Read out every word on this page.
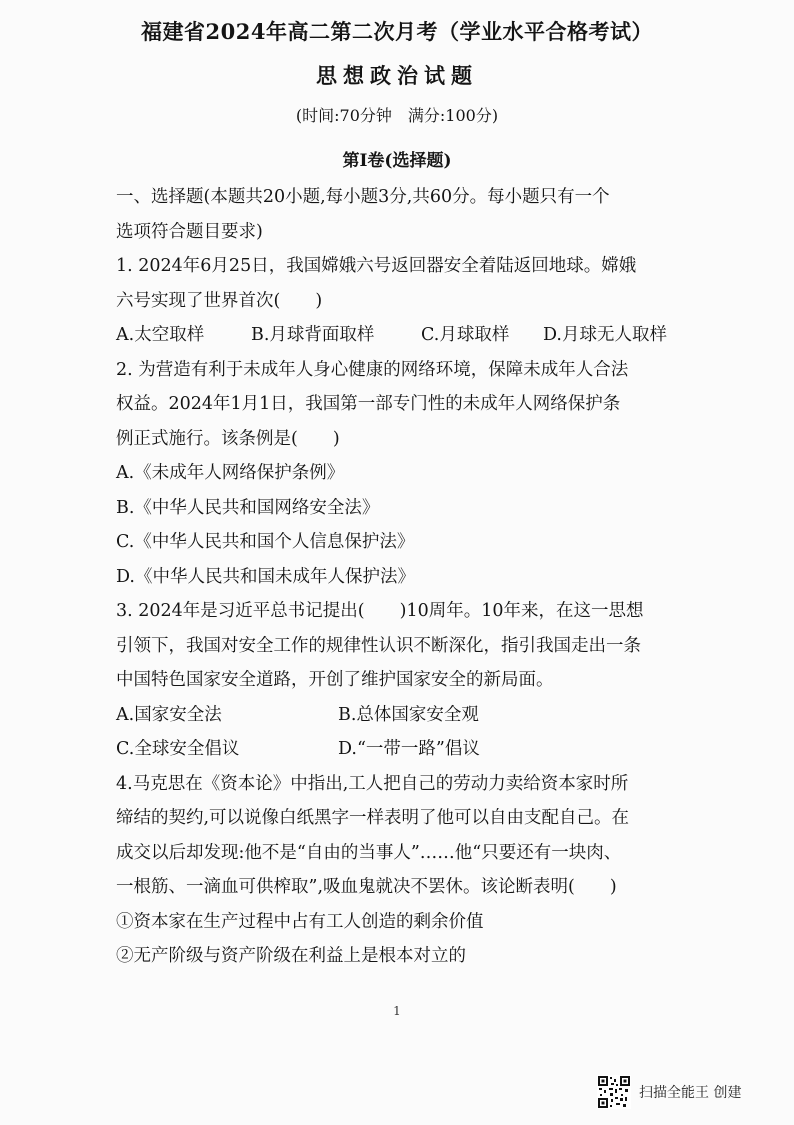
福建省2024年高二第二次月考（学业水平合格考试）
思想政治试题
(时间:70分钟　满分:100分)
第Ⅰ卷(选择题)
一、选择题(本题共20小题,每小题3分,共60分。每小题只有一个
选项符合题目要求)
1. 2024年6月25日，我国嫦娥六号返回器安全着陆返回地球。嫦娥
六号实现了世界首次(　　)
A.太空取样	B.月球背面取样	C.月球取样	D.月球无人取样
2. 为营造有利于未成年人身心健康的网络环境，保障未成年人合法
权益。2024年1月1日，我国第一部专门性的未成年人网络保护条
例正式施行。该条例是(　　)
A.《未成年人网络保护条例》
B.《中华人民共和国网络安全法》
C.《中华人民共和国个人信息保护法》
D.《中华人民共和国未成年人保护法》
3. 2024年是习近平总书记提出(　　)10周年。10年来，在这一思想
引领下，我国对安全工作的规律性认识不断深化，指引我国走出一条
中国特色国家安全道路，开创了维护国家安全的新局面。
A.国家安全法	B.总体国家安全观
C.全球安全倡议	D.“一带一路”倡议
4.马克思在《资本论》中指出,工人把自己的劳动力卖给资本家时所
缔结的契约,可以说像白纸黑字一样表明了他可以自由支配自己。在
成交以后却发现:他不是“自由的当事人”……他“只要还有一块肉、
一根筋、一滴血可供榨取”,吸血鬼就决不罢休。该论断表明(　　)
①资本家在生产过程中占有工人创造的剩余价值
②无产阶级与资产阶级在利益上是根本对立的
1
扫描全能王 创建
